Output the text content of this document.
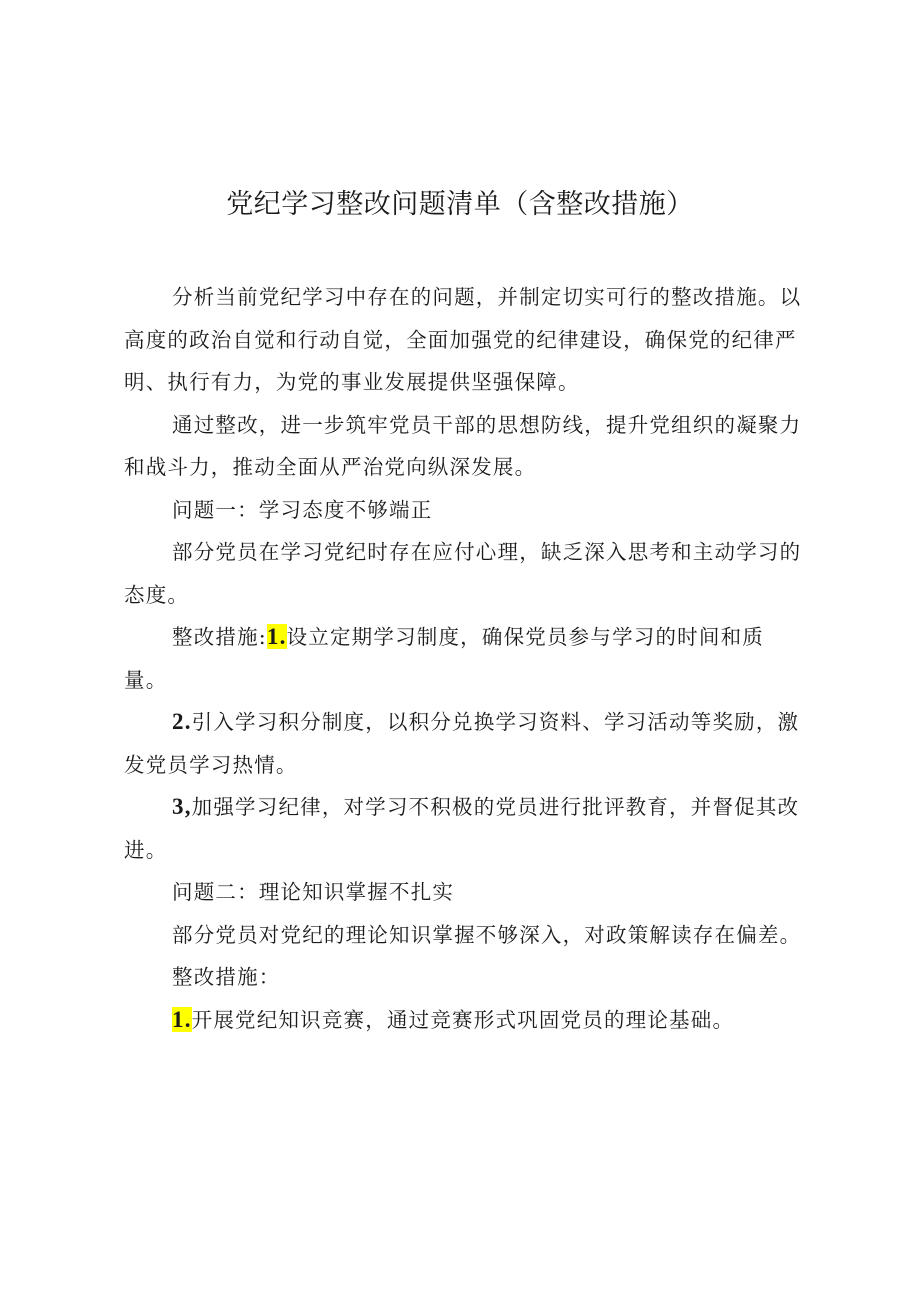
党纪学习整改问题清单（含整改措施）

分析当前党纪学习中存在的问题，并制定切实可行的整改措施。以高度的政治自觉和行动自觉，全面加强党的纪律建设，确保党的纪律严明、执行有力，为党的事业发展提供坚强保障。

通过整改，进一步筑牢党员干部的思想防线，提升党组织的凝聚力和战斗力，推动全面从严治党向纵深发展。

问题一：学习态度不够端正

部分党员在学习党纪时存在应付心理，缺乏深入思考和主动学习的态度。

整改措施:1.设立定期学习制度，确保党员参与学习的时间和质量。

2.引入学习积分制度，以积分兑换学习资料、学习活动等奖励，激发党员学习热情。

3,加强学习纪律，对学习不积极的党员进行批评教育，并督促其改进。

问题二：理论知识掌握不扎实

部分党员对党纪的理论知识掌握不够深入，对政策解读存在偏差。

整改措施：

1.开展党纪知识竞赛，通过竞赛形式巩固党员的理论基础。
